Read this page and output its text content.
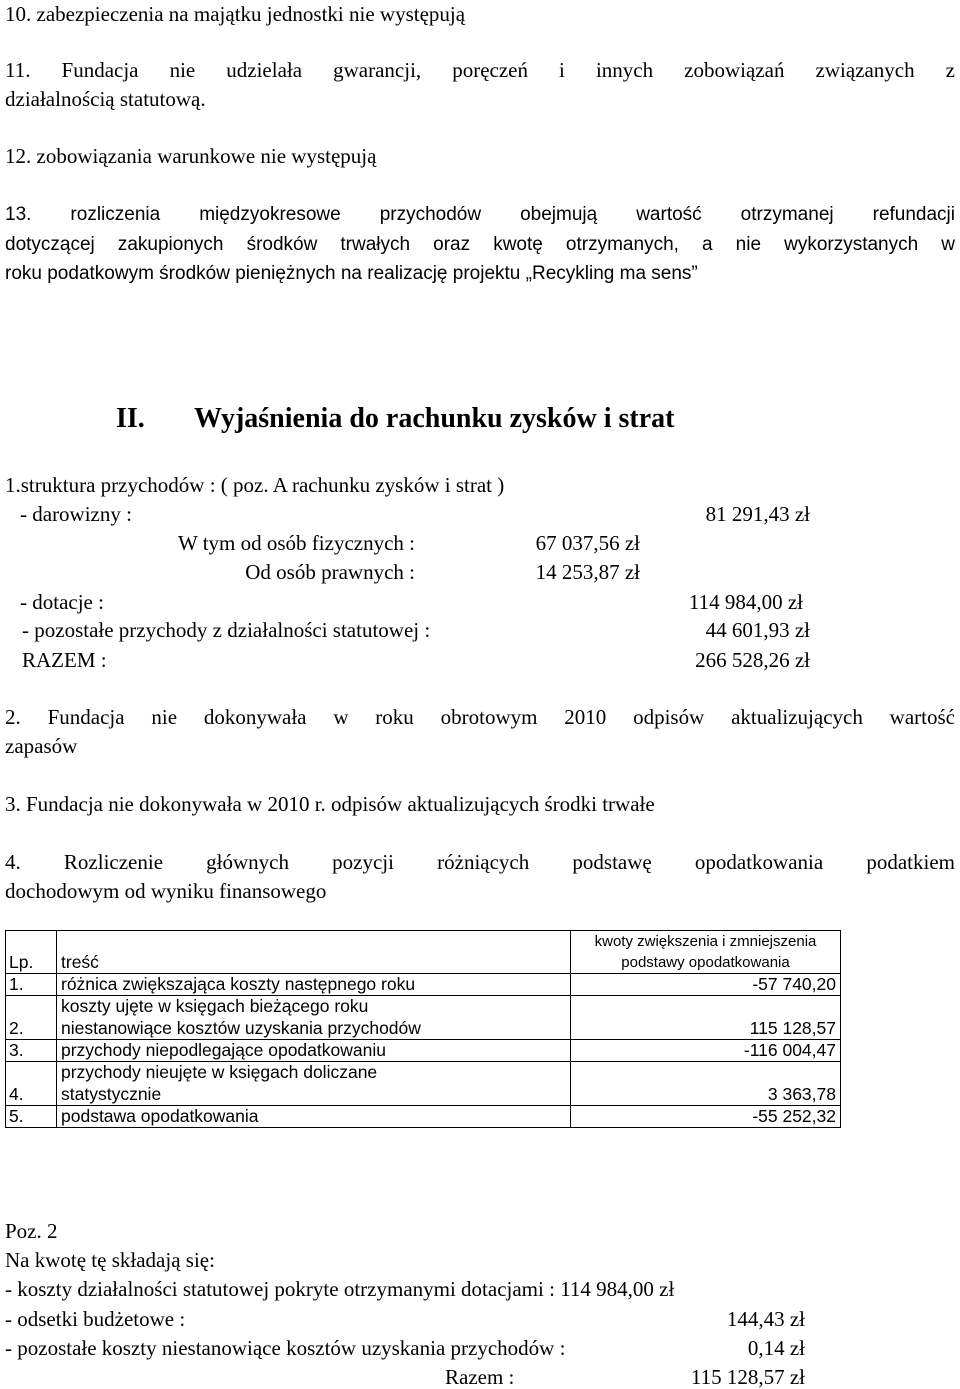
10. zabezpieczenia na majątku jednostki nie występują
11. Fundacja nie udzielała gwarancji, poręczeń i innych zobowiązań związanych z
działalnością statutową.
12. zobowiązania warunkowe nie występują
13. rozliczenia międzyokresowe przychodów obejmują wartość otrzymanej refundacji
dotyczącej zakupionych środków trwałych oraz kwotę otrzymanych, a nie wykorzystanych w
roku podatkowym środków pieniężnych na realizację projektu „Recykling ma sens”
II. Wyjaśnienia do rachunku zysków i strat
1.struktura przychodów : ( poz. A rachunku zysków i strat )
- darowizny :	81 291,43 zł
W tym od osób fizycznych :	67 037,56 zł
Od osób prawnych :	14 253,87 zł
- dotacje :	114 984,00 zł
- pozostałe przychody z działalności statutowej :	44 601,93 zł
RAZEM :	266 528,26 zł
2. Fundacja nie dokonywała w roku obrotowym 2010 odpisów aktualizujących wartość
zapasów
3. Fundacja nie dokonywała w 2010 r. odpisów aktualizujących środki trwałe
4. Rozliczenie głównych pozycji różniących podstawę opodatkowania podatkiem
dochodowym od wyniku finansowego
Lp.	treść	kwoty zwiększenia i zmniejszenia
podstawy opodatkowania

1.	różnica zwiększająca koszty następnego roku	-57 740,20
2.	koszty ujęte w księgach bieżącego roku
niestanowiące kosztów uzyskania przychodów	115 128,57
3.	przychody niepodlegające opodatkowaniu	-116 004,47
4.	przychody nieujęte w księgach doliczane
statystycznie	3 363,78
5.	podstawa opodatkowania	-55 252,32
Poz. 2
Na kwotę tę składają się:
- koszty działalności statutowej pokryte otrzymanymi dotacjami : 114 984,00 zł
- odsetki budżetowe :	144,43 zł
- pozostałe koszty niestanowiące kosztów uzyskania przychodów :	0,14 zł
Razem :	115 128,57 zł
